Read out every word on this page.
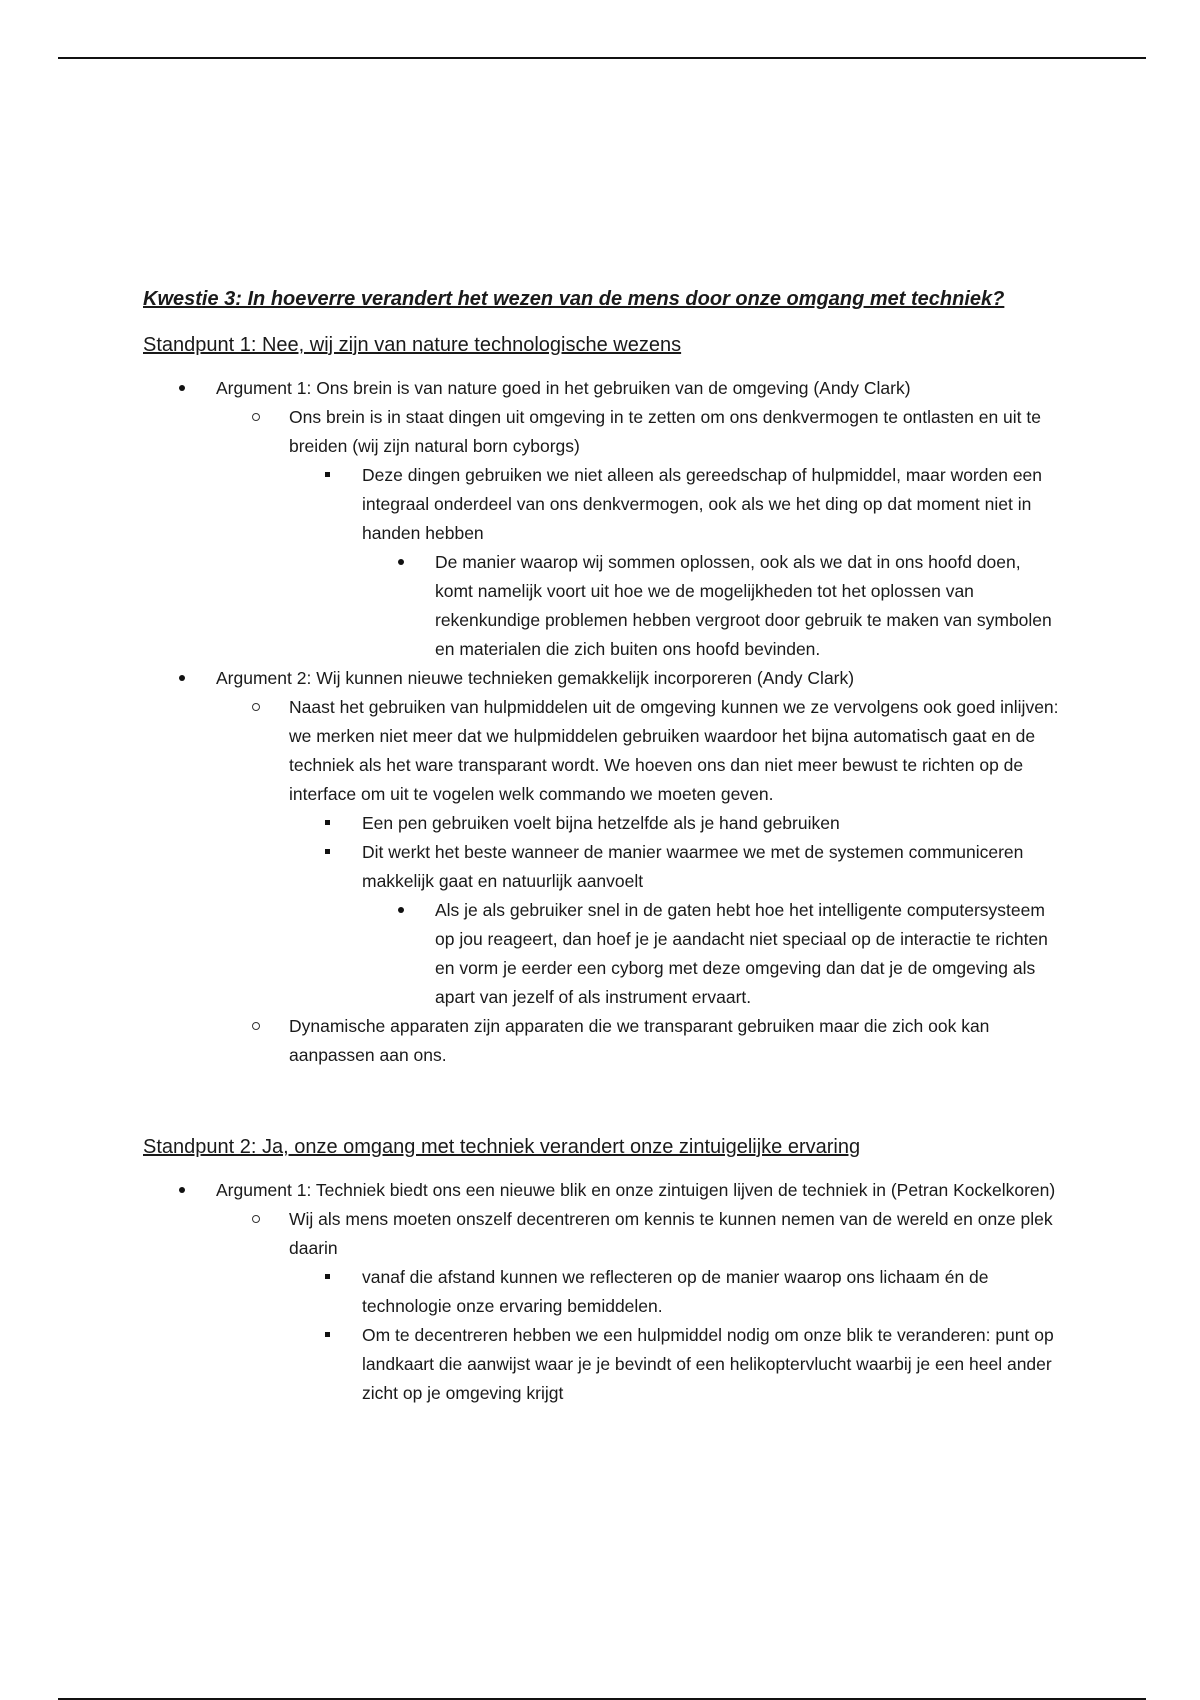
Kwestie 3: In hoeverre verandert het wezen van de mens door onze omgang met techniek?

Standpunt 1: Nee, wij zijn van nature technologische wezens

Argument 1: Ons brein is van nature goed in het gebruiken van de omgeving (Andy Clark)
Ons brein is in staat dingen uit omgeving in te zetten om ons denkvermogen te ontlasten en uit te breiden (wij zijn natural born cyborgs)
Deze dingen gebruiken we niet alleen als gereedschap of hulpmiddel, maar worden een integraal onderdeel van ons denkvermogen, ook als we het ding op dat moment niet in handen hebben
De manier waarop wij sommen oplossen, ook als we dat in ons hoofd doen, komt namelijk voort uit hoe we de mogelijkheden tot het oplossen van rekenkundige problemen hebben vergroot door gebruik te maken van symbolen en materialen die zich buiten ons hoofd bevinden.
Argument 2: Wij kunnen nieuwe technieken gemakkelijk incorporeren (Andy Clark)
Naast het gebruiken van hulpmiddelen uit de omgeving kunnen we ze vervolgens ook goed inlijven: we merken niet meer dat we hulpmiddelen gebruiken waardoor het bijna automatisch gaat en de techniek als het ware transparant wordt. We hoeven ons dan niet meer bewust te richten op de interface om uit te vogelen welk commando we moeten geven.
Een pen gebruiken voelt bijna hetzelfde als je hand gebruiken
Dit werkt het beste wanneer de manier waarmee we met de systemen communiceren makkelijk gaat en natuurlijk aanvoelt
Als je als gebruiker snel in de gaten hebt hoe het intelligente computersysteem op jou reageert, dan hoef je je aandacht niet speciaal op de interactie te richten en vorm je eerder een cyborg met deze omgeving dan dat je de omgeving als apart van jezelf of als instrument ervaart.
Dynamische apparaten zijn apparaten die we transparant gebruiken maar die zich ook kan aanpassen aan ons.

Standpunt 2: Ja, onze omgang met techniek verandert onze zintuigelijke ervaring

Argument 1: Techniek biedt ons een nieuwe blik en onze zintuigen lijven de techniek in (Petran Kockelkoren)
Wij als mens moeten onszelf decentreren om kennis te kunnen nemen van de wereld en onze plek daarin
vanaf die afstand kunnen we reflecteren op de manier waarop ons lichaam én de technologie onze ervaring bemiddelen.
Om te decentreren hebben we een hulpmiddel nodig om onze blik te veranderen: punt op landkaart die aanwijst waar je je bevindt of een helikoptervlucht waarbij je een heel ander zicht op je omgeving krijgt
